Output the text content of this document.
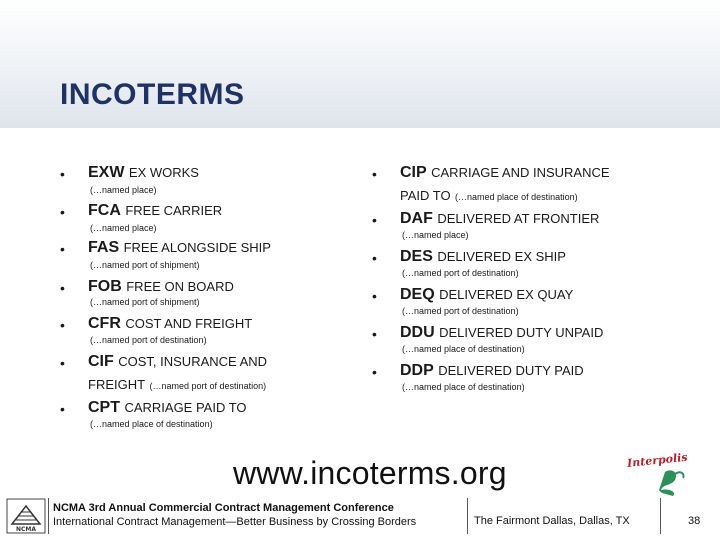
INCOTERMS
• EXW EX WORKS
(…named place)
• FCA FREE CARRIER
(…named place)
• FAS FREE ALONGSIDE SHIP
(…named port of shipment)
• FOB FREE ON BOARD
(…named port of shipment)
• CFR COST AND FREIGHT
(…named port of destination)
• CIF COST, INSURANCE AND
FREIGHT (…named port of destination)
• CPT CARRIAGE PAID TO
(…named place of destination)
• CIP CARRIAGE AND INSURANCE
PAID TO (…named place of destination)
• DAF DELIVERED AT FRONTIER
(…named place)
• DES DELIVERED EX SHIP
(…named port of destination)
• DEQ DELIVERED EX QUAY
(…named port of destination)
• DDU DELIVERED DUTY UNPAID
(…named place of destination)
• DDP DELIVERED DUTY PAID
(…named place of destination)
www.incoterms.org	Interpolis
NCMA
NCMA 3rd Annual Commercial Contract Management Conference
International Contract Management—Better Business by Crossing Borders	The Fairmont Dallas, Dallas, TX	38
